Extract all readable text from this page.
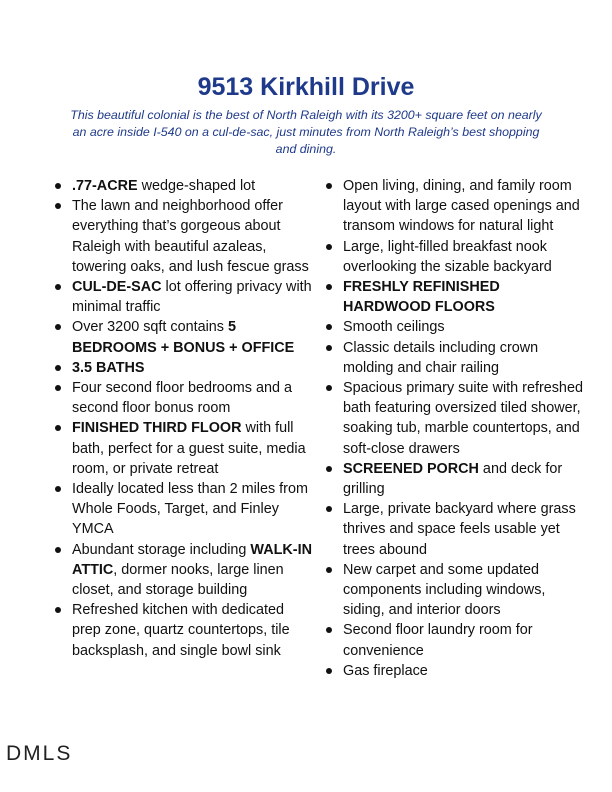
9513 Kirkhill Drive

This beautiful colonial is the best of North Raleigh with its 3200+ square feet on nearly an acre inside I-540 on a cul-de-sac, just minutes from North Raleigh’s best shopping and dining.

.77-ACRE wedge-shaped lot
The lawn and neighborhood offer everything that’s gorgeous about Raleigh with beautiful azaleas, towering oaks, and lush fescue grass
CUL-DE-SAC lot offering privacy with minimal traffic
Over 3200 sqft contains 5 BEDROOMS + BONUS + OFFICE
3.5 BATHS
Four second floor bedrooms and a second floor bonus room
FINISHED THIRD FLOOR with full bath, perfect for a guest suite, media room, or private retreat
Ideally located less than 2 miles from Whole Foods, Target, and Finley YMCA
Abundant storage including WALK-IN ATTIC, dormer nooks, large linen closet, and storage building
Refreshed kitchen with dedicated prep zone, quartz countertops, tile backsplash, and single bowl sink
Open living, dining, and family room layout with large cased openings and transom windows for natural light
Large, light-filled breakfast nook overlooking the sizable backyard
FRESHLY REFINISHED HARDWOOD FLOORS
Smooth ceilings
Classic details including crown molding and chair railing
Spacious primary suite with refreshed bath featuring oversized tiled shower, soaking tub, marble countertops, and soft-close drawers
SCREENED PORCH and deck for grilling
Large, private backyard where grass thrives and space feels usable yet trees abound
New carpet and some updated components including windows, siding, and interior doors
Second floor laundry room for convenience
Gas fireplace
DMLS
